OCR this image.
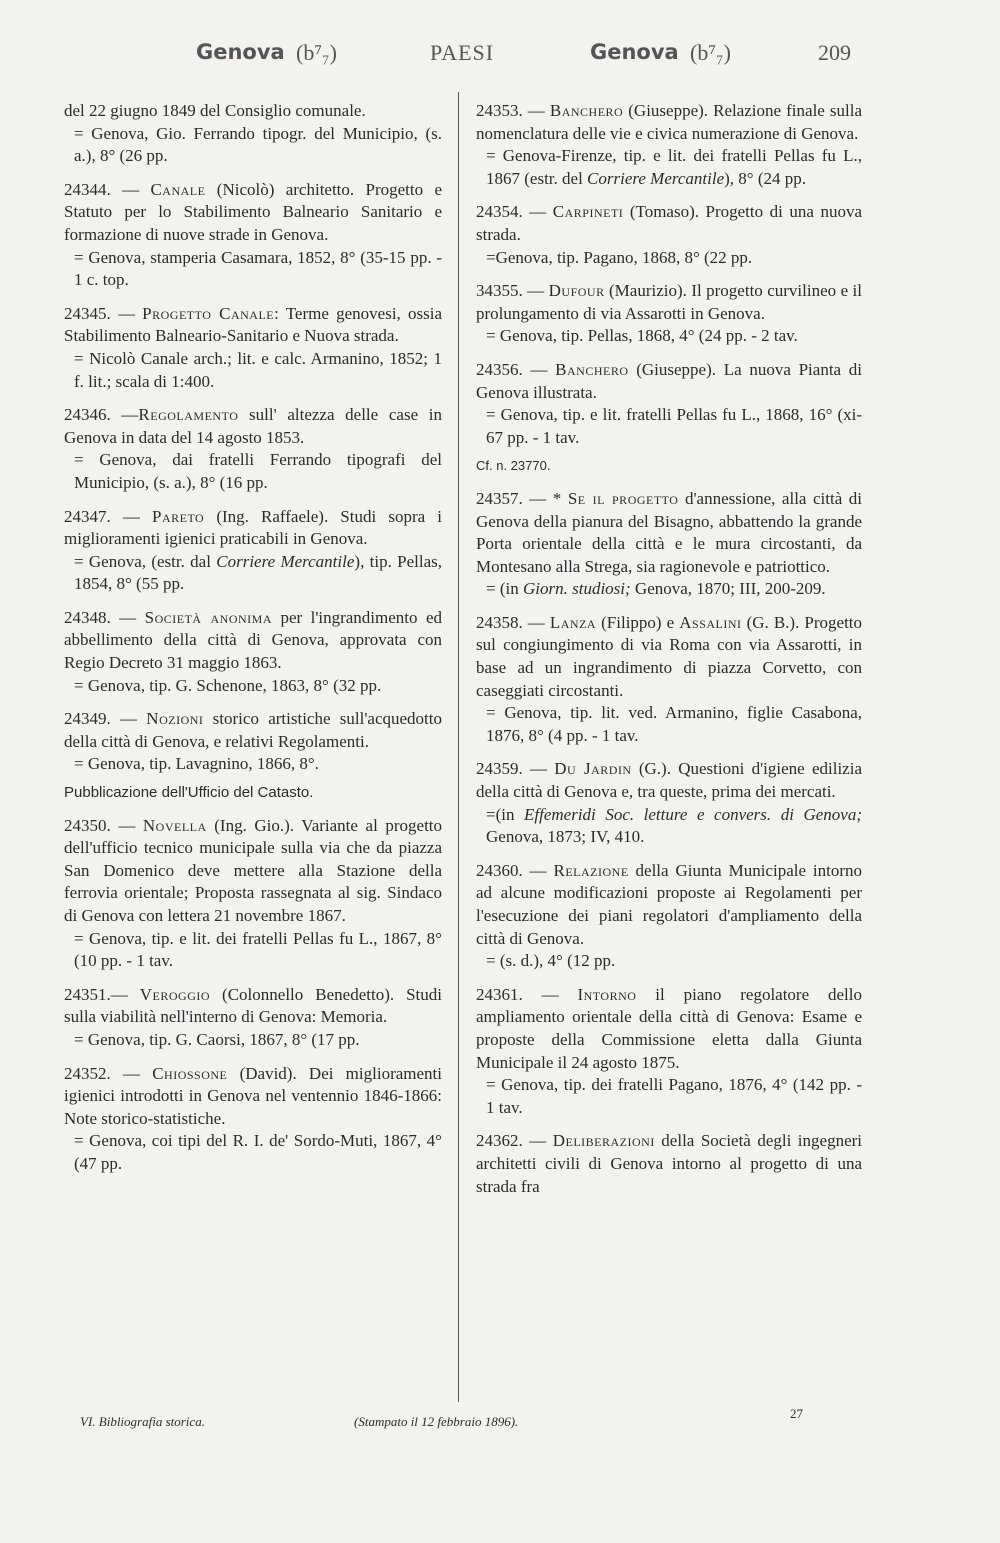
Genova (b⁷₇)	PAESI	Genova (b⁷₇)	209

del 22 giugno 1849 del Consiglio comunale.

= Genova, Gio. Ferrando tipogr. del Municipio, (s. a.), 8° (26 pp.

24344. — Canale (Nicolò) architetto. Progetto e Statuto per lo Stabilimento Balneario Sanitario e formazione di nuove strade in Genova.

= Genova, stamperia Casamara, 1852, 8° (35-15 pp. - 1 c. top.

24345. — Progetto Canale: Terme genovesi, ossia Stabilimento Balneario-Sanitario e Nuova strada.

= Nicolò Canale arch.; lit. e calc. Armanino, 1852; 1 f. lit.; scala di 1:400.

24346. —Regolamento sull' altezza delle case in Genova in data del 14 agosto 1853.

= Genova, dai fratelli Ferrando tipografi del Municipio, (s. a.), 8° (16 pp.

24347. — Pareto (Ing. Raffaele). Studi sopra i miglioramenti igienici praticabili in Genova.

= Genova, (estr. dal Corriere Mercantile), tip. Pellas, 1854, 8° (55 pp.

24348. — Società anonima per l'ingrandimento ed abbellimento della città di Genova, approvata con Regio Decreto 31 maggio 1863.

= Genova, tip. G. Schenone, 1863, 8° (32 pp.

24349. — Nozioni storico artistiche sull'acquedotto della città di Genova, e relativi Regolamenti.

= Genova, tip. Lavagnino, 1866, 8°.

Pubblicazione dell'Ufficio del Catasto.

24350. — Novella (Ing. Gio.). Variante al progetto dell'ufficio tecnico municipale sulla via che da piazza San Domenico deve mettere alla Stazione della ferrovia orientale; Proposta rassegnata al sig. Sindaco di Genova con lettera 21 novembre 1867.

= Genova, tip. e lit. dei fratelli Pellas fu L., 1867, 8° (10 pp. - 1 tav.

24351.— Veroggio (Colonnello Benedetto). Studi sulla viabilità nell'interno di Genova: Memoria.

= Genova, tip. G. Caorsi, 1867, 8° (17 pp.

24352. — Chiossone (David). Dei miglioramenti igienici introdotti in Genova nel ventennio 1846-1866: Note storico-statistiche.

= Genova, coi tipi del R. I. de' Sordo-Muti, 1867, 4° (47 pp.

24353. — Banchero (Giuseppe). Relazione finale sulla nomenclatura delle vie e civica numerazione di Genova.

= Genova-Firenze, tip. e lit. dei fratelli Pellas fu L., 1867 (estr. del Corriere Mercantile), 8° (24 pp.

24354. — Carpineti (Tomaso). Progetto di una nuova strada.

=Genova, tip. Pagano, 1868, 8° (22 pp.

34355. — Dufour (Maurizio). Il progetto curvilineo e il prolungamento di via Assarotti in Genova.

= Genova, tip. Pellas, 1868, 4° (24 pp. - 2 tav.

24356. — Banchero (Giuseppe). La nuova Pianta di Genova illustrata.

= Genova, tip. e lit. fratelli Pellas fu L., 1868, 16° (xi-67 pp. - 1 tav.

Cf. n. 23770.

24357. — * Se il progetto d'annessione, alla città di Genova della pianura del Bisagno, abbattendo la grande Porta orientale della città e le mura circostanti, da Montesano alla Strega, sia ragionevole e patriottico.

= (in Giorn. studiosi; Genova, 1870; III, 200-209.

24358. — Lanza (Filippo) e Assalini (G. B.). Progetto sul congiungimento di via Roma con via Assarotti, in base ad un ingrandimento di piazza Corvetto, con caseggiati circostanti.

= Genova, tip. lit. ved. Armanino, figlie Casabona, 1876, 8° (4 pp. - 1 tav.

24359. — Du Jardin (G.). Questioni d'igiene edilizia della città di Genova e, tra queste, prima dei mercati.

=(in Effemeridi Soc. letture e convers. di Genova; Genova, 1873; IV, 410.

24360. — Relazione della Giunta Municipale intorno ad alcune modificazioni proposte ai Regolamenti per l'esecuzione dei piani regolatori d'ampliamento della città di Genova.

= (s. d.), 4° (12 pp.

24361. — Intorno il piano regolatore dello ampliamento orientale della città di Genova: Esame e proposte della Commissione eletta dalla Giunta Municipale il 24 agosto 1875.

= Genova, tip. dei fratelli Pagano, 1876, 4° (142 pp. - 1 tav.

24362. — Deliberazioni della Società degli ingegneri architetti civili di Genova intorno al progetto di una strada fra

VI. Bibliografia storica.	(Stampato il 12 febbraio 1896).
27
